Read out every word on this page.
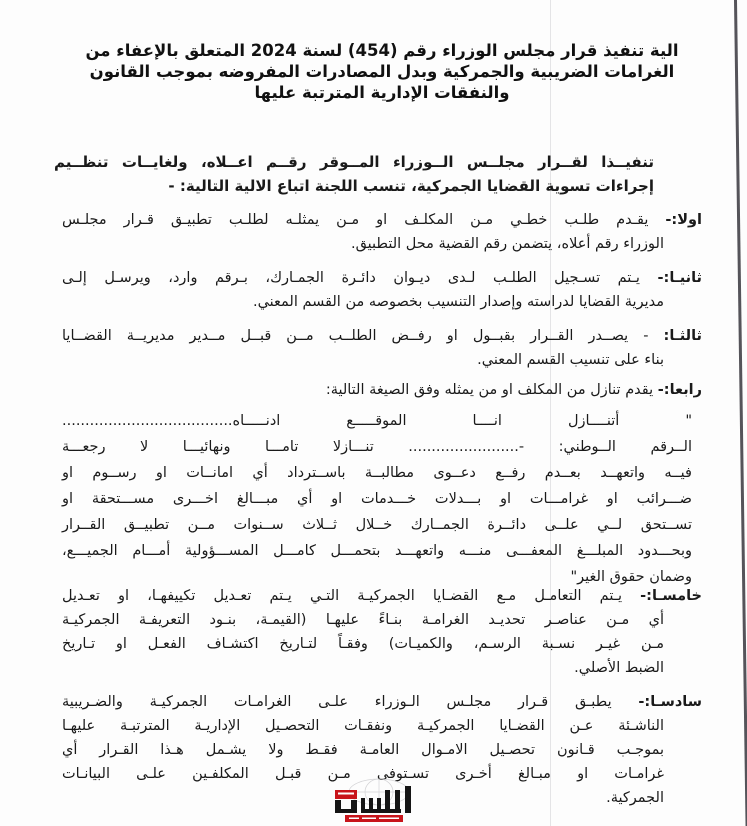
الية تنفيذ قرار مجلس الوزراء رقم (454) لسنة 2024 المتعلق بالإعفاء من
الغرامات الضريبية والجمركية وبدل المصادرات المفروضه بموجب القانون
والنفقات الإدارية المترتبة عليها
تنفيــذا لقــرار مجلــس الــوزراء المــوقر رقــم اعــلاه، ولغايــات تنظــيم
إجراءات تسوية القضايا الجمركية، تنسب اللجنة اتباع الالية التالية: -
اولا:- يقـدم طلـب خطـي مـن المكلـف او مـن يمثلـه لطلـب تطبيـق قـرار مجلـس
الوزراء رقم أعلاه، يتضمن رقم القضية محل التطبيق.
ثانيـا:- يـتم تسـجيل الطلـب لـدى ديـوان دائـرة الجمـارك، بـرقم وارد، ويرسـل إلـى
مديرية القضايا لدراسته وإصدار التنسيب بخصوصه من القسم المعني.
ثالثـا: - يصــدر القــرار بقبــول او رفــض الطلــب مــن قبــل مــدير مديريــة القضــايا
بناء على تنسيب القسم المعني.
رابعا:- يقدم تنازل من المكلف او من يمثله وفق الصيغة التالية:
" أتنــــازل انــــا الموقـــــع ادنـــــاه.....................................
الــرقم الــوطني: -........................ تنـــازلا تامـــا ونهائيـــا لا رجعـــة
فيــه واتعهــد بعــدم رفــع دعــوى مطالبــة باســترداد أي امانــات او رســوم او
ضـــرائب او غرامـــات او بـــدلات خـــدمات او أي مبـــالغ اخـــرى مســـتحقة او
تســتحق لــي علــى دائــرة الجمــارك خــلال ثــلاث ســنوات مــن تطبيــق القــرار
وبحـــدود المبلـــغ المعفـــى منـــه واتعهـــد بتحمـــل كامـــل المســـؤولية أمـــام الجميـــع،
وضمان حقوق الغير"
خامسـا:- يـتم التعامـل مـع القضـايا الجمركيـة التـي يـتم تعـديل تكييفهـا، او تعـديل
أي مـن عناصـر تحديـد الغرامـة بنـاءً عليهـا (القيمـة، بنـود التعريفـة الجمركيـة
مـن غيـر نسـبة الرسـم، والكميـات) وفقـاً لتـاريخ اكتشـاف الفعـل او تـاريخ
الضبط الأصلي.
سادسـا:- يطبـق قـرار مجلـس الـوزراء علـى الغرامـات الجمركيـة والضـريبية
الناشـئة عـن القضـايا الجمركيـة ونفقـات التحصـيل الإداريـة المترتبـة عليهـا
بموجـب قـانون تحصـيل الامـوال العامـة فقـط ولا يشـمل هـذا القـرار أي
غرامـات او مبـالغ أخـرى تسـتوفى مـن قبـل المكلفـين علـى البيانـات
الجمركية.
